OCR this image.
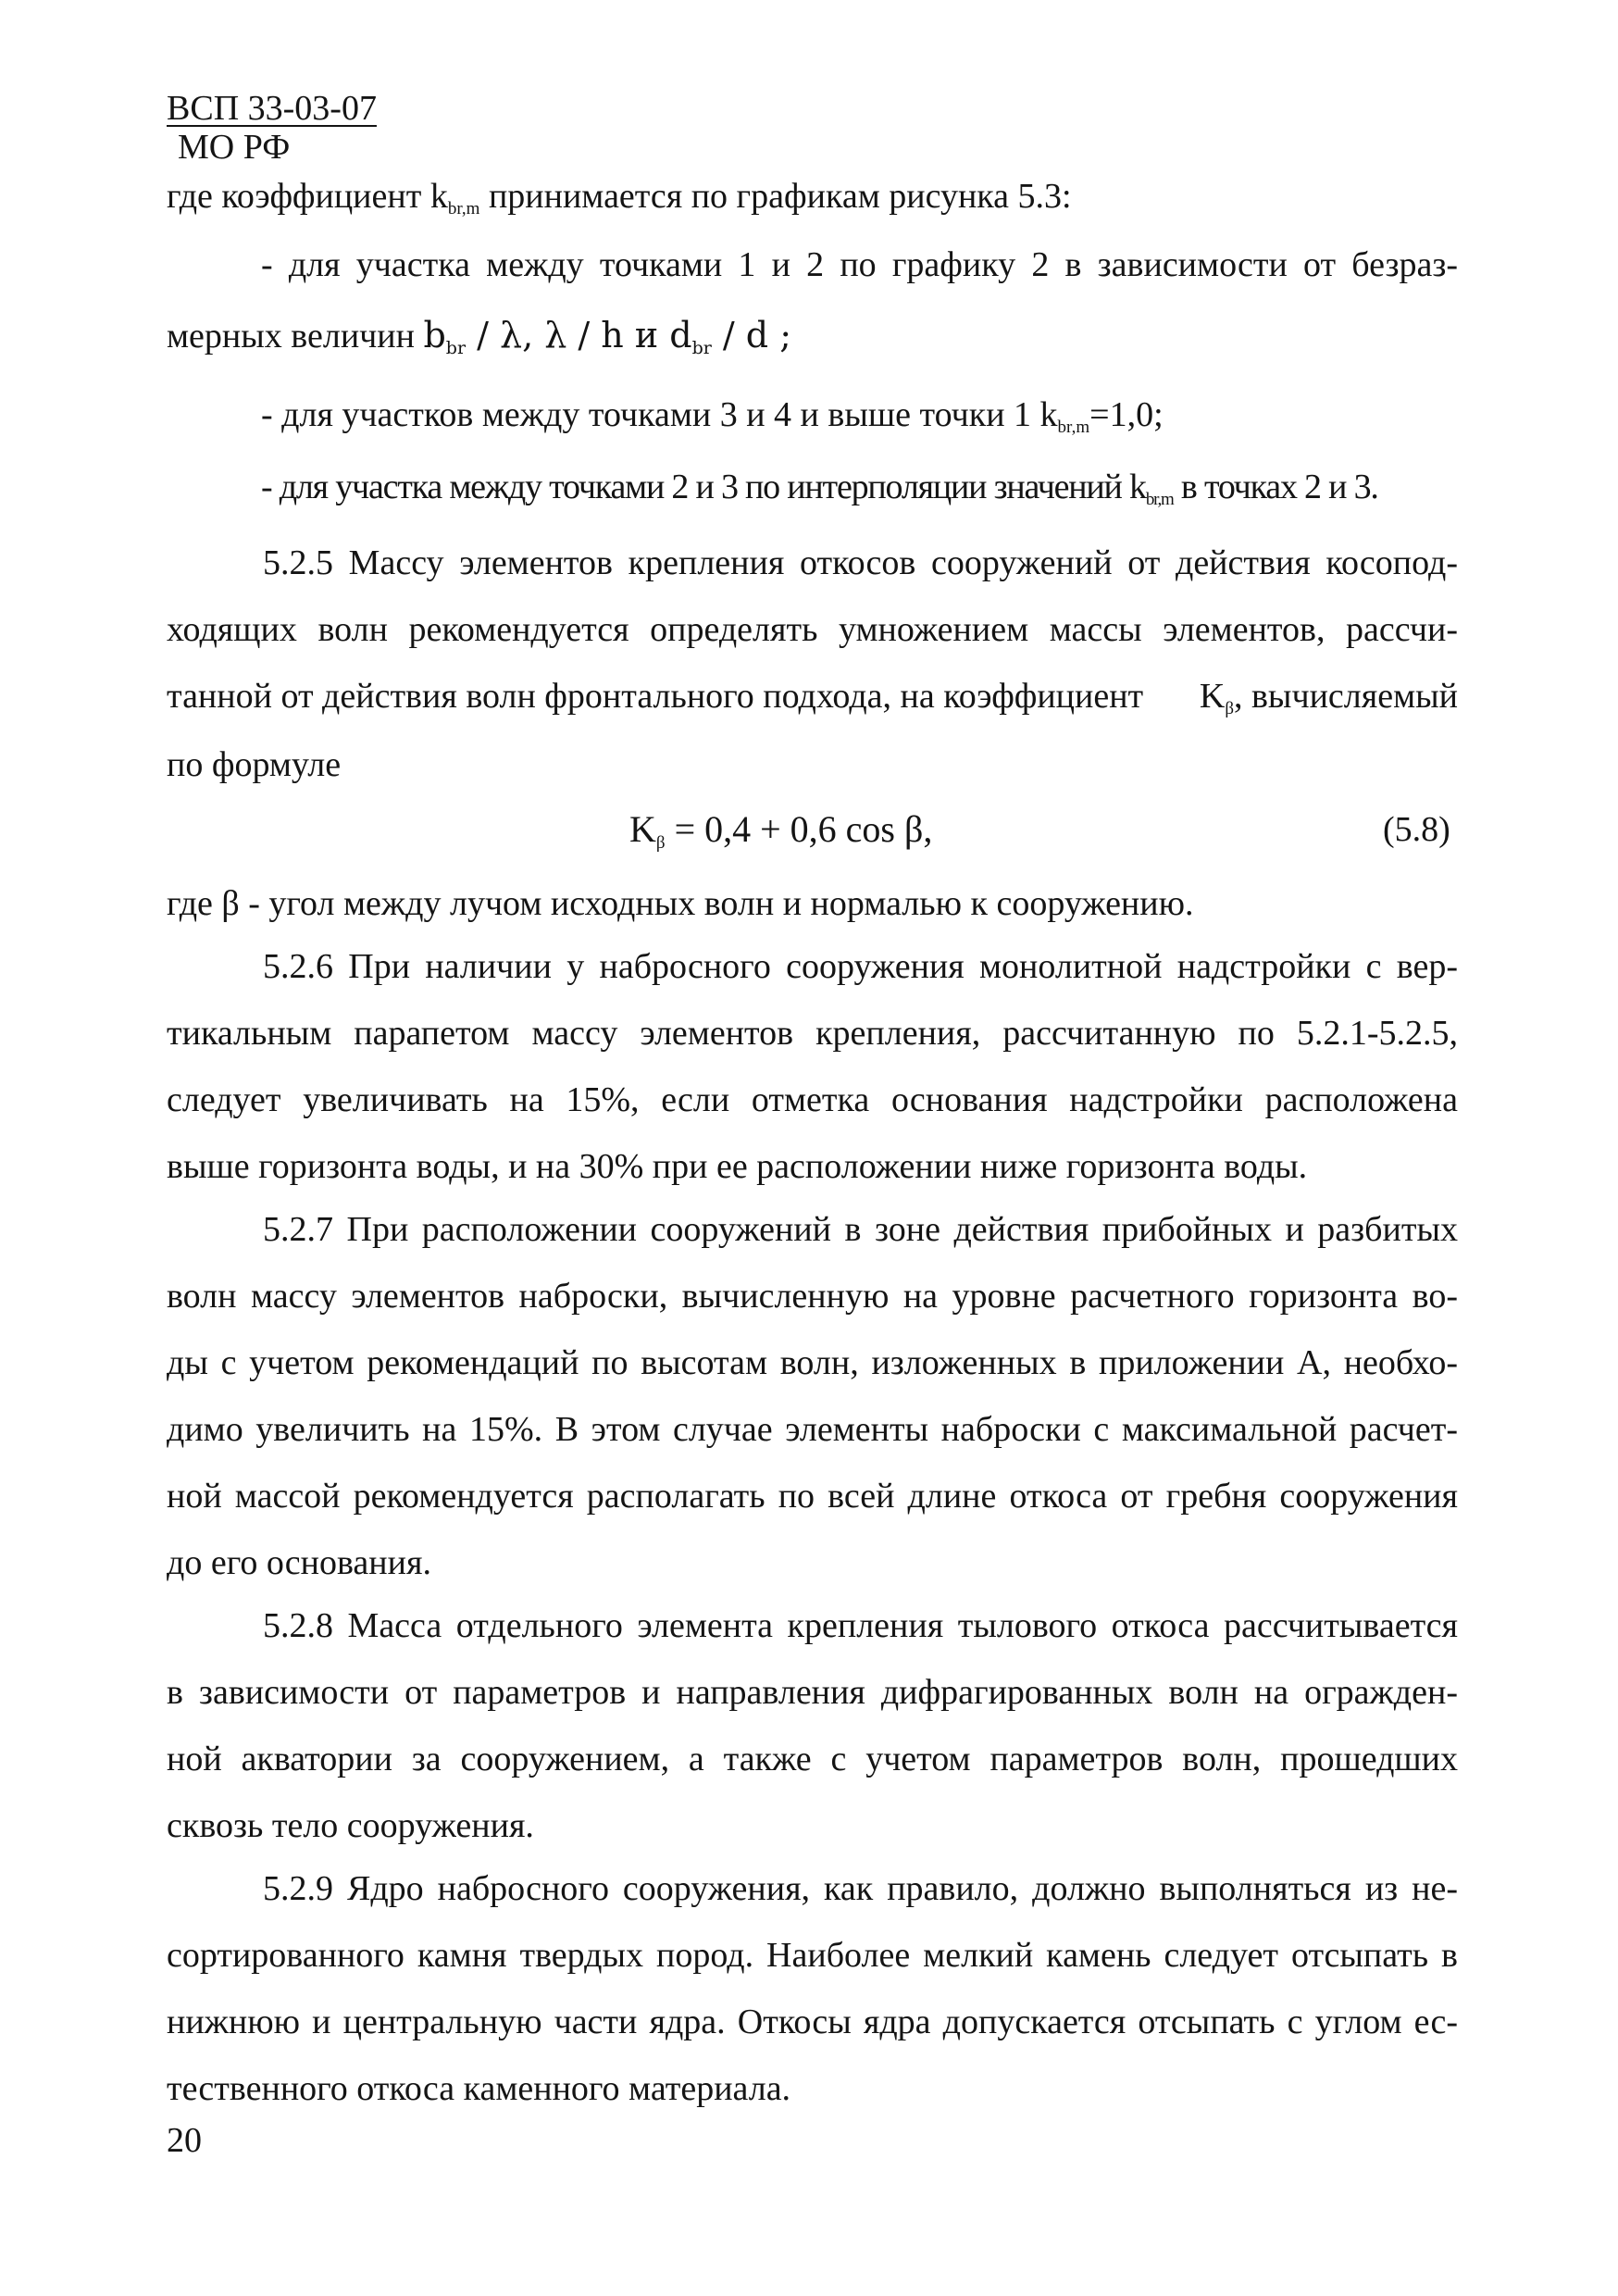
ВСП 33-03-07
МО РФ
где коэффициент $k_{br,m}$ принимается по графикам рисунка 5.3:
- для участка между точками 1 и 2 по графику 2 в зависимости от безраз-
мерных величин $b_{br}$ / λ, λ / h и $d_{br}$ / d ;
- для участков между точками 3 и 4 и выше точки 1 $k_{br,m}=1,0$;
- для участка между точками 2 и 3 по интерполяции значений $k_{br,m}$ в точках 2 и 3.
5.2.5 Массу элементов крепления откосов сооружений от действия косопод-
ходящих волн рекомендуется определять умножением массы элементов, рассчи-
танной от действия волн фронтального подхода, на коэффициент $K_\beta$, вычисляемый
по формуле
$K_\beta = 0,4 + 0,6$ cos β,	(5.8)
где β - угол между лучом исходных волн и нормалью к сооружению.
5.2.6 При наличии у набросного сооружения монолитной надстройки с вер-
тикальным парапетом массу элементов крепления, рассчитанную по 5.2.1-5.2.5,
следует увеличивать на 15%, если отметка основания надстройки расположена
выше горизонта воды, и на 30% при ее расположении ниже горизонта воды.
5.2.7 При расположении сооружений в зоне действия прибойных и разбитых
волн массу элементов наброски, вычисленную на уровне расчетного горизонта во-
ды с учетом рекомендаций по высотам волн, изложенных в приложении А, необхо-
димо увеличить на 15%. В этом случае элементы наброски с максимальной расчет-
ной массой рекомендуется располагать по всей длине откоса от гребня сооружения
до его основания.
5.2.8 Масса отдельного элемента крепления тылового откоса рассчитывается
в зависимости от параметров и направления дифрагированных волн на огражден-
ной акватории за сооружением, а также с учетом параметров волн, прошедших
сквозь тело сооружения.
5.2.9 Ядро набросного сооружения, как правило, должно выполняться из не-
сортированного камня твердых пород. Наиболее мелкий камень следует отсыпать в
нижнюю и центральную части ядра. Откосы ядра допускается отсыпать с углом ес-
тественного откоса каменного материала.
20
